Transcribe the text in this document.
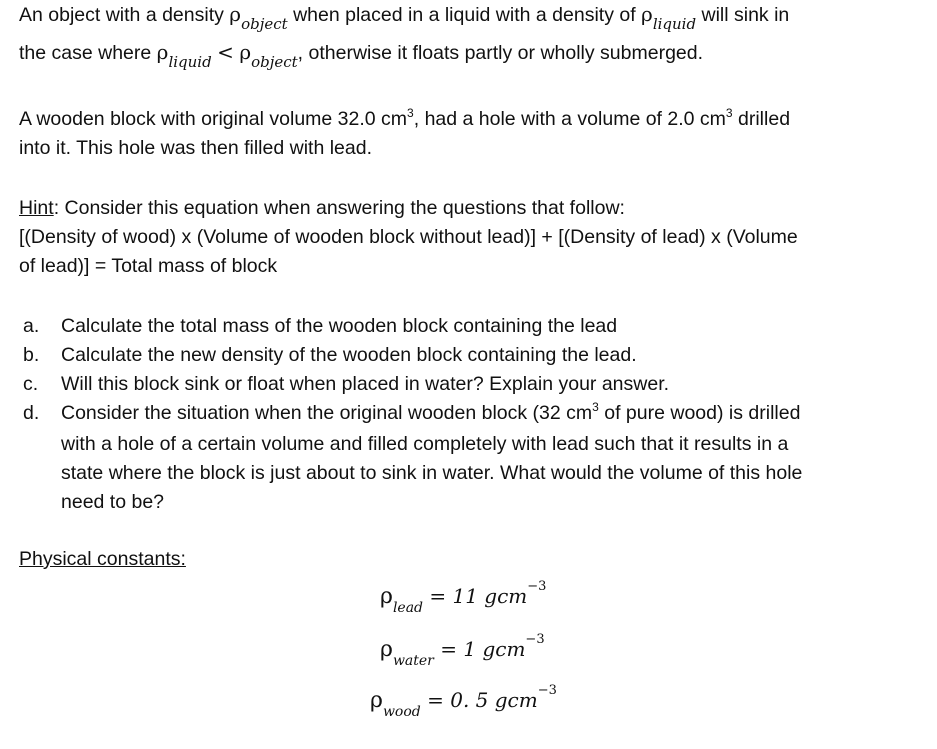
An object with a density $\rho_{object}$ when placed in a liquid with a density of $\rho_{liquid}$ will sink in
the case where $\rho_{liquid} < \rho_{object}$, otherwise it floats partly or wholly submerged.
A wooden block with original volume 32.0 $cm^3$, had a hole with a volume of 2.0 $cm^3$ drilled
into it. This hole was then filled with lead.
Hint: Consider this equation when answering the questions that follow:
[(Density of wood) x (Volume of wooden block without lead)] + [(Density of lead) x (Volume
of lead)] = Total mass of block
a.	Calculate the total mass of the wooden block containing the lead
b.	Calculate the new density of the wooden block containing the lead.
c.	Will this block sink or float when placed in water? Explain your answer.
d.	Consider the situation when the original wooden block (32 $cm^3$ of pure wood) is drilled
with a hole of a certain volume and filled completely with lead such that it results in a
state where the block is just about to sink in water. What would the volume of this hole
need to be?
Physical constants:
$\rho_{lead} = 11$ gcm$^{-3}$
$\rho_{water} = 1$ gcm$^{-3}$
$\rho_{wood} = 0$. 5 gcm$^{-3}$
